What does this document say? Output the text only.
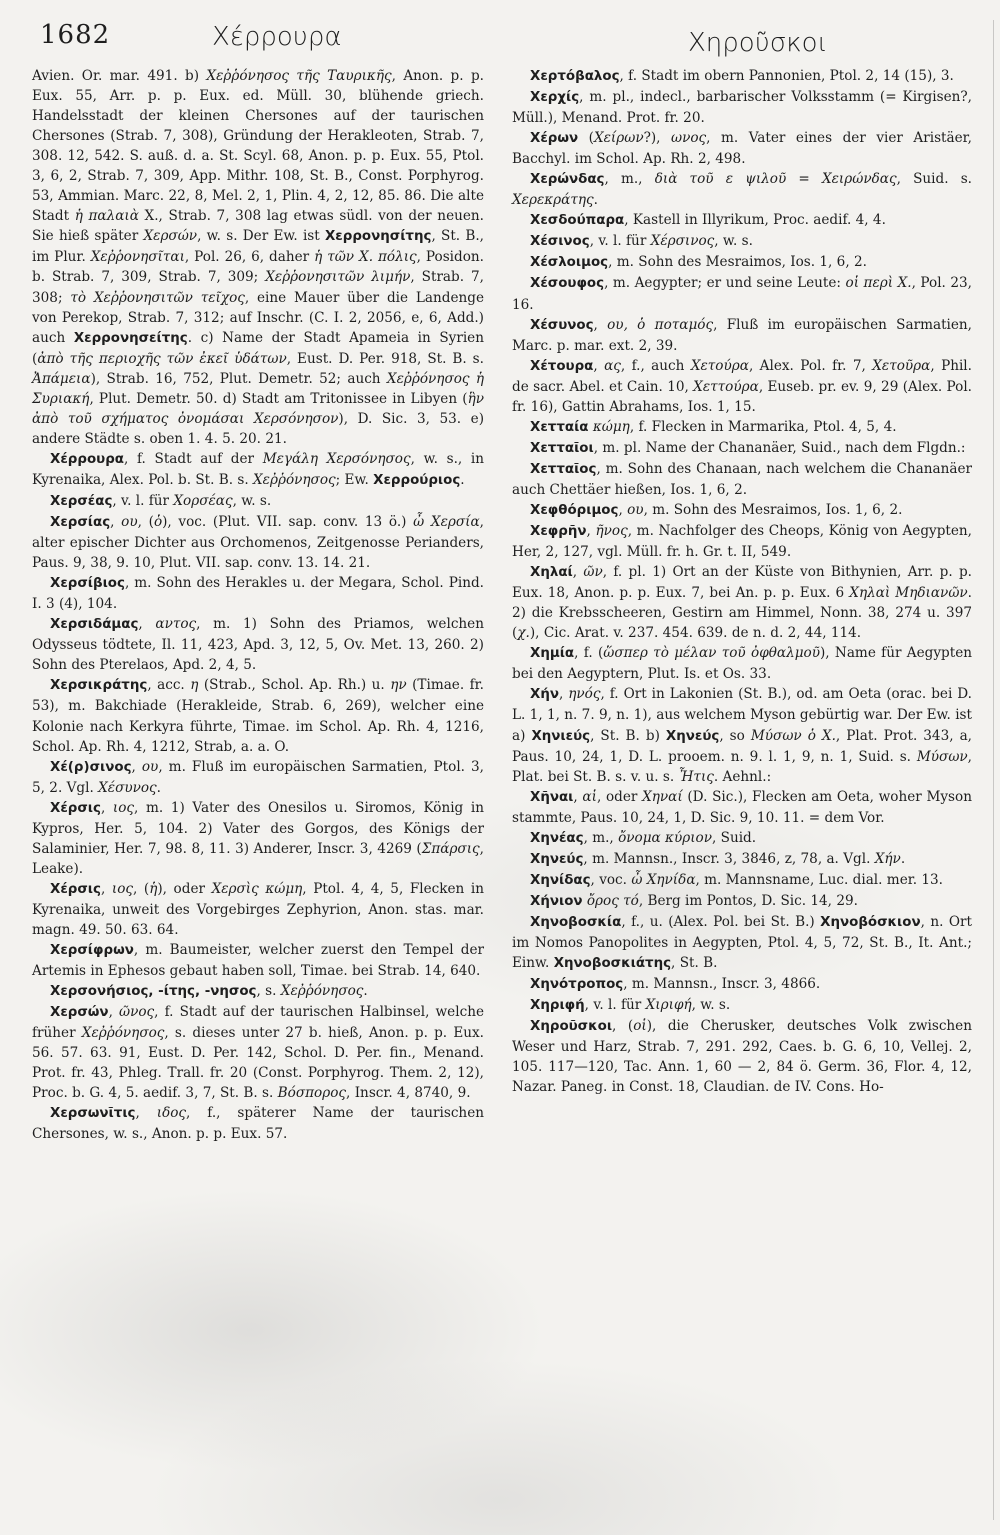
1682	Χέρρουρα	Χηροῦσκοι

Avien. Or. mar. 491. b) Χεῤῥόνησος τῆς Ταυρικῆς, Anon. p. p. Eux. 55, Arr. p. p. Eux. ed. Müll. 30, blühende griech. Handelsstadt der kleinen Chersones auf der taurischen Chersones (Strab. 7, 308), Gründung der Herakleoten, Strab. 7, 308. 12, 542. S. auß. d. a. St. Scyl. 68, Anon. p. p. Eux. 55, Ptol. 3, 6, 2, Strab. 7, 309, App. Mithr. 108, St. B., Const. Porphyrog. 53, Ammian. Marc. 22, 8, Mel. 2, 1, Plin. 4, 2, 12, 85. 86. Die alte Stadt ἡ παλαιὰ X., Strab. 7, 308 lag etwas südl. von der neuen. Sie hieß später Χερσών, w. s. Der Ew. ist Χερρονησίτης, St. B., im Plur. Χεῤῥονησῖται, Pol. 26, 6, daher ἡ τῶν X. πόλις, Posidon. b. Strab. 7, 309, Strab. 7, 309; Χεῤῥονησιτῶν λιμήν, Strab. 7, 308; τὸ Χεῤῥονησιτῶν τεῖχος, eine Mauer über die Landenge von Perekop, Strab. 7, 312; auf Inschr. (C. I. 2, 2056, e, 6, Add.) auch Χερρονησείτης. c) Name der Stadt Apameia in Syrien (ἀπὸ τῆς περιοχῆς τῶν ἐκεῖ ὑδάτων, Eust. D. Per. 918, St. B. s. Ἀπάμεια), Strab. 16, 752, Plut. Demetr. 52; auch Χεῤῥόνησος ἡ Συριακή, Plut. Demetr. 50. d) Stadt am Tritonissee in Libyen (ἣν ἀπὸ τοῦ σχήματος ὀνομάσαι Χερσόνησον), D. Sic. 3, 53. e) andere Städte s. oben 1. 4. 5. 20. 21.

Χέρρουρα, f. Stadt auf der Μεγάλη Χερσόνησος, w. s., in Kyrenaika, Alex. Pol. b. St. B. s. Χεῤῥόνησος; Ew. Χερρούριος.

Χερσέας, v. l. für Χορσέας, w. s.

Χερσίας, ου, (ὁ), voc. (Plut. VII. sap. conv. 13 ö.) ὦ Χερσία, alter epischer Dichter aus Orchomenos, Zeitgenosse Perianders, Paus. 9, 38, 9. 10, Plut. VII. sap. conv. 13. 14. 21.

Χερσίβιος, m. Sohn des Herakles u. der Megara, Schol. Pind. I. 3 (4), 104.

Χερσιδάμας, αντος, m. 1) Sohn des Priamos, welchen Odysseus tödtete, Il. 11, 423, Apd. 3, 12, 5, Ov. Met. 13, 260. 2) Sohn des Pterelaos, Apd. 2, 4, 5.

Χερσικράτης, acc. η (Strab., Schol. Ap. Rh.) u. ην (Timae. fr. 53), m. Bakchiade (Herakleide, Strab. 6, 269), welcher eine Kolonie nach Kerkyra führte, Timae. im Schol. Ap. Rh. 4, 1216, Schol. Ap. Rh. 4, 1212, Strab, a. a. O.

Χέ(ρ)σινος, ου, m. Fluß im europäischen Sarmatien, Ptol. 3, 5, 2. Vgl. Χέσυνος.

Χέρσις, ιος, m. 1) Vater des Onesilos u. Siromos, König in Kypros, Her. 5, 104. 2) Vater des Gorgos, des Königs der Salaminier, Her. 7, 98. 8, 11. 3) Anderer, Inscr. 3, 4269 (Σπάρσις, Leake).

Χέρσις, ιος, (ἡ), oder Χερσὶς κώμη, Ptol. 4, 4, 5, Flecken in Kyrenaika, unweit des Vorgebirges Zephyrion, Anon. stas. mar. magn. 49. 50. 63. 64.

Χερσίφρων, m. Baumeister, welcher zuerst den Tempel der Artemis in Ephesos gebaut haben soll, Timae. bei Strab. 14, 640.

Χερσονήσιος, -ίτης, -νησος, s. Χεῤῥόνησος.

Χερσών, ῶνος, f. Stadt auf der taurischen Halbinsel, welche früher Χεῤῥόνησος, s. dieses unter 27 b. hieß, Anon. p. p. Eux. 56. 57. 63. 91, Eust. D. Per. 142, Schol. D. Per. fin., Menand. Prot. fr. 43, Phleg. Trall. fr. 20 (Const. Porphyrog. Them. 2, 12), Proc. b. G. 4, 5. aedif. 3, 7, St. B. s. Βόσπορος, Inscr. 4, 8740, 9.

Χερσωνῖτις, ιδος, f., späterer Name der taurischen Chersones, w. s., Anon. p. p. Eux. 57.

Χερτόβαλος, f. Stadt im obern Pannonien, Ptol. 2, 14 (15), 3.

Χερχίς, m. pl., indecl., barbarischer Volksstamm (= Kirgisen?, Müll.), Menand. Prot. fr. 20.

Χέρων (Χείρων?), ωνος, m. Vater eines der vier Aristäer, Bacchyl. im Schol. Ap. Rh. 2, 498.

Χερώνδας, m., διὰ τοῦ ε ψιλοῦ = Χειρώνδας, Suid. s. Χερεκράτης.

Χεσδούπαρα, Kastell in Illyrikum, Proc. aedif. 4, 4.

Χέσινος, v. l. für Χέρσινος, w. s.

Χέσλοιμος, m. Sohn des Mesraimos, Ios. 1, 6, 2.

Χέσουφος, m. Aegypter; er und seine Leute: οἱ περὶ X., Pol. 23, 16.

Χέσυνος, ου, ὁ ποταμός, Fluß im europäischen Sarmatien, Marc. p. mar. ext. 2, 39.

Χέτουρα, ας, f., auch Χετούρα, Alex. Pol. fr. 7, Χετοῦρα, Phil. de sacr. Abel. et Cain. 10, Χεττούρα, Euseb. pr. ev. 9, 29 (Alex. Pol. fr. 16), Gattin Abrahams, Ios. 1, 15.

Χετταία κώμη, f. Flecken in Marmarika, Ptol. 4, 5, 4.

Χετταῖοι, m. pl. Name der Chananäer, Suid., nach dem Flgdn.:

Χετταῖος, m. Sohn des Chanaan, nach welchem die Chananäer auch Chettäer hießen, Ios. 1, 6, 2.

Χεφθόριμος, ου, m. Sohn des Mesraimos, Ios. 1, 6, 2.

Χεφρῆν, ῆνος, m. Nachfolger des Cheops, König von Aegypten, Her, 2, 127, vgl. Müll. fr. h. Gr. t. II, 549.

Χηλαί, ῶν, f. pl. 1) Ort an der Küste von Bithynien, Arr. p. p. Eux. 18, Anon. p. p. Eux. 7, bei An. p. p. Eux. 6 Χηλαὶ Μηδιανῶν. 2) die Krebsscheeren, Gestirn am Himmel, Nonn. 38, 274 u. 397 (χ.), Cic. Arat. v. 237. 454. 639. de n. d. 2, 44, 114.

Χημία, f. (ὥσπερ τὸ μέλαν τοῦ ὀφθαλμοῦ), Name für Aegypten bei den Aegyptern, Plut. Is. et Os. 33.

Χήν, ηνός, f. Ort in Lakonien (St. B.), od. am Oeta (orac. bei D. L. 1, 1, n. 7. 9, n. 1), aus welchem Myson gebürtig war. Der Ew. ist a) Χηνιεύς, St. B. b) Χηνεύς, so Μύσων ὁ X., Plat. Prot. 343, a, Paus. 10, 24, 1, D. L. prooem. n. 9. l. 1, 9, n. 1, Suid. s. Μύσων, Plat. bei St. B. s. v. u. s. Ἦτις. Aehnl.:

Χῆναι, αἱ, oder Χηναί (D. Sic.), Flecken am Oeta, woher Myson stammte, Paus. 10, 24, 1, D. Sic. 9, 10. 11. = dem Vor.

Χηνέας, m., ὄνομα κύριον, Suid.

Χηνεύς, m. Mannsn., Inscr. 3, 3846, z, 78, a. Vgl. Χήν.

Χηνίδας, voc. ὦ Χηνίδα, m. Mannsname, Luc. dial. mer. 13.

Χήνιον ὄρος τό, Berg im Pontos, D. Sic. 14, 29.

Χηνοβοσκία, f., u. (Alex. Pol. bei St. B.) Χηνοβόσκιον, n. Ort im Nomos Panopolites in Aegypten, Ptol. 4, 5, 72, St. B., It. Ant.; Einw. Χηνοβοσκιάτης, St. B.

Χηνότροπος, m. Mannsn., Inscr. 3, 4866.

Χηριφή, v. l. für Χιριφή, w. s.

Χηροῦσκοι, (οἱ), die Cherusker, deutsches Volk zwischen Weser und Harz, Strab. 7, 291. 292, Caes. b. G. 6, 10, Vellej. 2, 105. 117—120, Tac. Ann. 1, 60 — 2, 84 ö. Germ. 36, Flor. 4, 12, Nazar. Paneg. in Const. 18, Claudian. de IV. Cons. Ho-
